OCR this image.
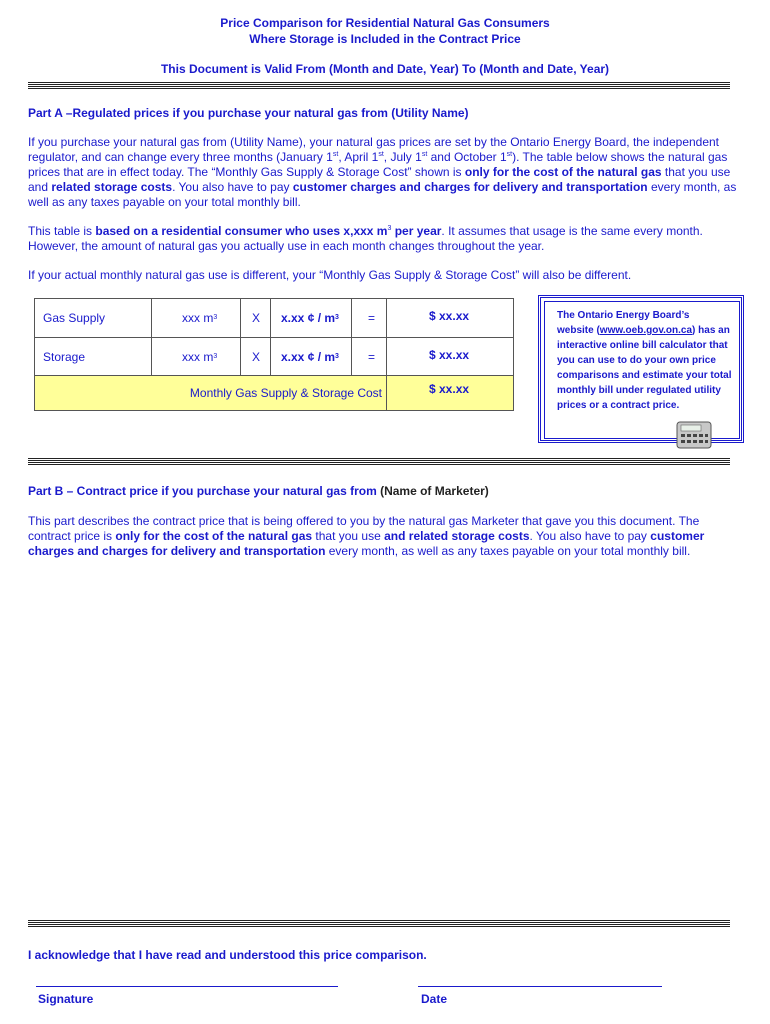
Price Comparison for Residential Natural Gas Consumers
Where Storage is Included in the Contract Price
This Document is Valid From (Month and Date, Year) To (Month and Date, Year)
Part A –Regulated prices if you purchase your natural gas from (Utility Name)
If you purchase your natural gas from (Utility Name), your natural gas prices are set by the Ontario Energy Board, the independent regulator, and can change every three months (January 1st, April 1st, July 1st and October 1st). The table below shows the natural gas prices that are in effect today. The “Monthly Gas Supply & Storage Cost” shown is only for the cost of the natural gas that you use and related storage costs. You also have to pay customer charges and charges for delivery and transportation every month, as well as any taxes payable on your total monthly bill.
This table is based on a residential consumer who uses x,xxx $m^3$ per year. It assumes that usage is the same every month. However, the amount of natural gas you actually use in each month changes throughout the year.
If your actual monthly natural gas use is different, your “Monthly Gas Supply & Storage Cost” will also be different.
Gas Supply	xxx m 3	X x.xx ¢ / m 3 =	$ xx.xx
Storage	xxx m 3	X x.xx ¢ / m 3 =	$ xx.xx
Monthly Gas Supply & Storage Cost	$ xx.xx
The Ontario Energy Board’s
website (www.oeb.gov.on.ca) has an interactive online bill calculator that you can use to do your own price comparisons and estimate your total monthly bill under regulated utility prices or a contract price.
Part B – Contract price if you purchase your natural gas from (Name of Marketer)
This part describes the contract price that is being offered to you by the natural gas Marketer that gave you this document. The contract price is only for the cost of the natural gas that you use and related storage costs. You also have to pay customer charges and charges for delivery and transportation every month, as well as any taxes payable on your total monthly bill.
I acknowledge that I have read and understood this price comparison.
Signature	Date
